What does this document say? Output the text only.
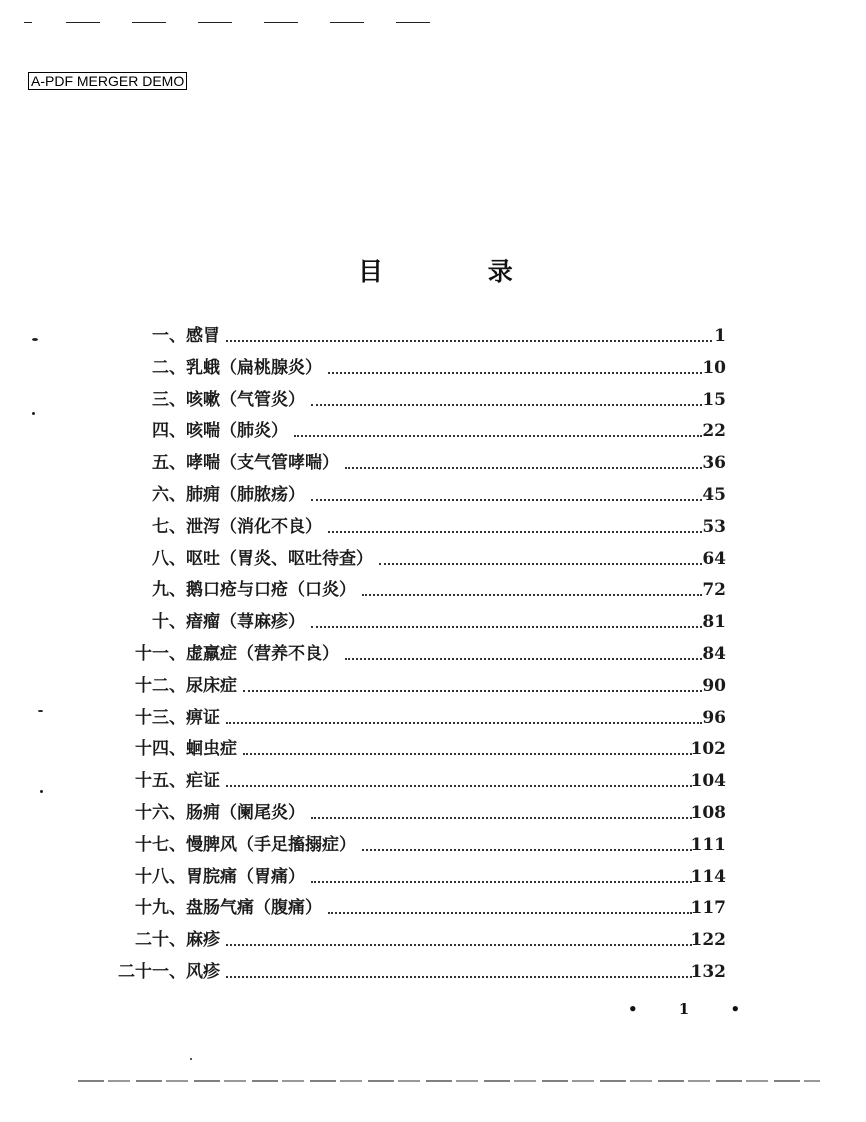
A-PDF MERGER DEMO
目 录
一、 感冒	1
二、 乳蛾（扁桃腺炎）	10
三、 咳嗽（气管炎）	15
四、 咳喘（肺炎）	22
五、 哮喘（支气管哮喘）	36
六、 肺痈（肺脓疡）	45
七、 泄泻（消化不良）	53
八、 呕吐（胃炎、呕吐待查）	64
九、 鹅口疮与口疮（口炎）	72
十、 瘖瘤（荨麻疹）	81
十一、 虚羸症（营养不良）	84
十二、 尿床症	90
十三、 痹证	96
十四、 蛔虫症	102
十五、 疟证	104
十六、 肠痈（阑尾炎）	108
十七、 慢脾风（手足搐搦症）	111
十八、 胃脘痛（胃痛）	114
十九、 盘肠气痛（腹痛）	117
二十、 麻疹	122
二十一、 风疹	132
• 1 •
